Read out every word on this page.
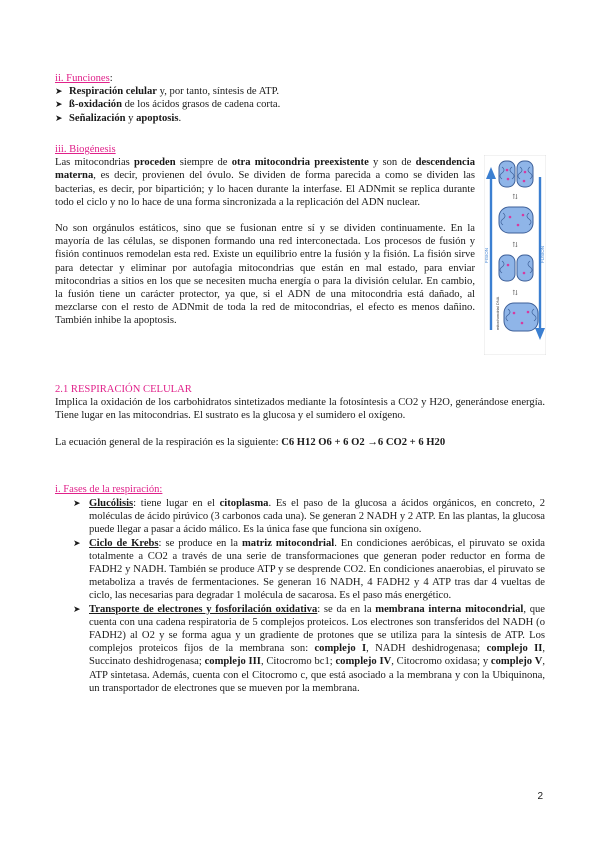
ii. Funciones:
➤ Respiración celular y, por tanto, síntesis de ATP.
➤ ß-oxidación de los ácidos grasos de cadena corta.
➤ Señalización y apoptosis.
iii. Biogénesis
Las mitocondrias proceden siempre de otra mitocondria preexistente y son de descendencia materna, es decir, provienen del óvulo. Se dividen de forma parecida a como se dividen las bacterias, es decir, por bipartición; y lo hacen durante la interfase. El ADNmit se replica durante todo el ciclo y no lo hace de una forma sincronizada a la replicación del ADN nuclear.
No son orgánulos estáticos, sino que se fusionan entre sí y se dividen continuamente. En la mayoría de las células, se disponen formando una red interconectada. Los procesos de fusión y fisión continuos remodelan esta red. Existe un equilibrio entre la fusión y la fisión. La fisión sirve para detectar y eliminar por autofagia mitocondrias que están en mal estado, para enviar mitocondrias a sitios en los que se necesiten mucha energía o para la división celular. En cambio, la fusión tiene un carácter protector, ya que, si el ADN de una mitocondria está dañado, al mezclarse con el resto de ADNmit de toda la red de mitocondrias, el efecto es menos dañino. También inhibe la apoptosis.
FISION	FUSION
mitochondrial DNA
⇅
⇅
⇅
2.1 RESPIRACIÓN CELULAR
Implica la oxidación de los carbohidratos sintetizados mediante la fotosíntesis a CO2 y H2O, generándose energía. Tiene lugar en las mitocondrias. El sustrato es la glucosa y el sumidero el oxígeno.
La ecuación general de la respiración es la siguiente: C6 H12 O6 + 6 O2 →6 CO2 + 6 H20
i. Fases de la respiración:
➤ Glucólisis: tiene lugar en el citoplasma. Es el paso de la glucosa a ácidos orgánicos, en concreto, 2 moléculas de ácido pirúvico (3 carbonos cada una). Se generan 2 NADH y 2 ATP. En las plantas, la glucosa puede llegar a pasar a ácido málico. Es la única fase que funciona sin oxígeno.
➤ Ciclo de Krebs: se produce en la matriz mitocondrial. En condiciones aeróbicas, el piruvato se oxida totalmente a CO2 a través de una serie de transformaciones que generan poder reductor en forma de FADH2 y NADH. También se produce ATP y se desprende CO2. En condiciones anaerobias, el piruvato se metaboliza a través de fermentaciones. Se generan 16 NADH, 4 FADH2 y 4 ATP tras dar 4 vueltas de ciclo, las necesarias para degradar 1 molécula de sacarosa. Es el paso más energético.
➤ Transporte de electrones y fosforilación oxidativa: se da en la membrana interna mitocondrial, que cuenta con una cadena respiratoria de 5 complejos proteicos. Los electrones son transferidos del NADH (o FADH2) al O2 y se forma agua y un gradiente de protones que se utiliza para la síntesis de ATP. Los complejos proteicos fijos de la membrana son: complejo I, NADH deshidrogenasa; complejo II, Succinato deshidrogenasa; complejo III, Citocromo bc1; complejo IV, Citocromo oxidasa; y complejo V, ATP sintetasa. Además, cuenta con el Citocromo c, que está asociado a la membrana y con la Ubiquinona, un transportador de electrones que se mueven por la membrana.
2
